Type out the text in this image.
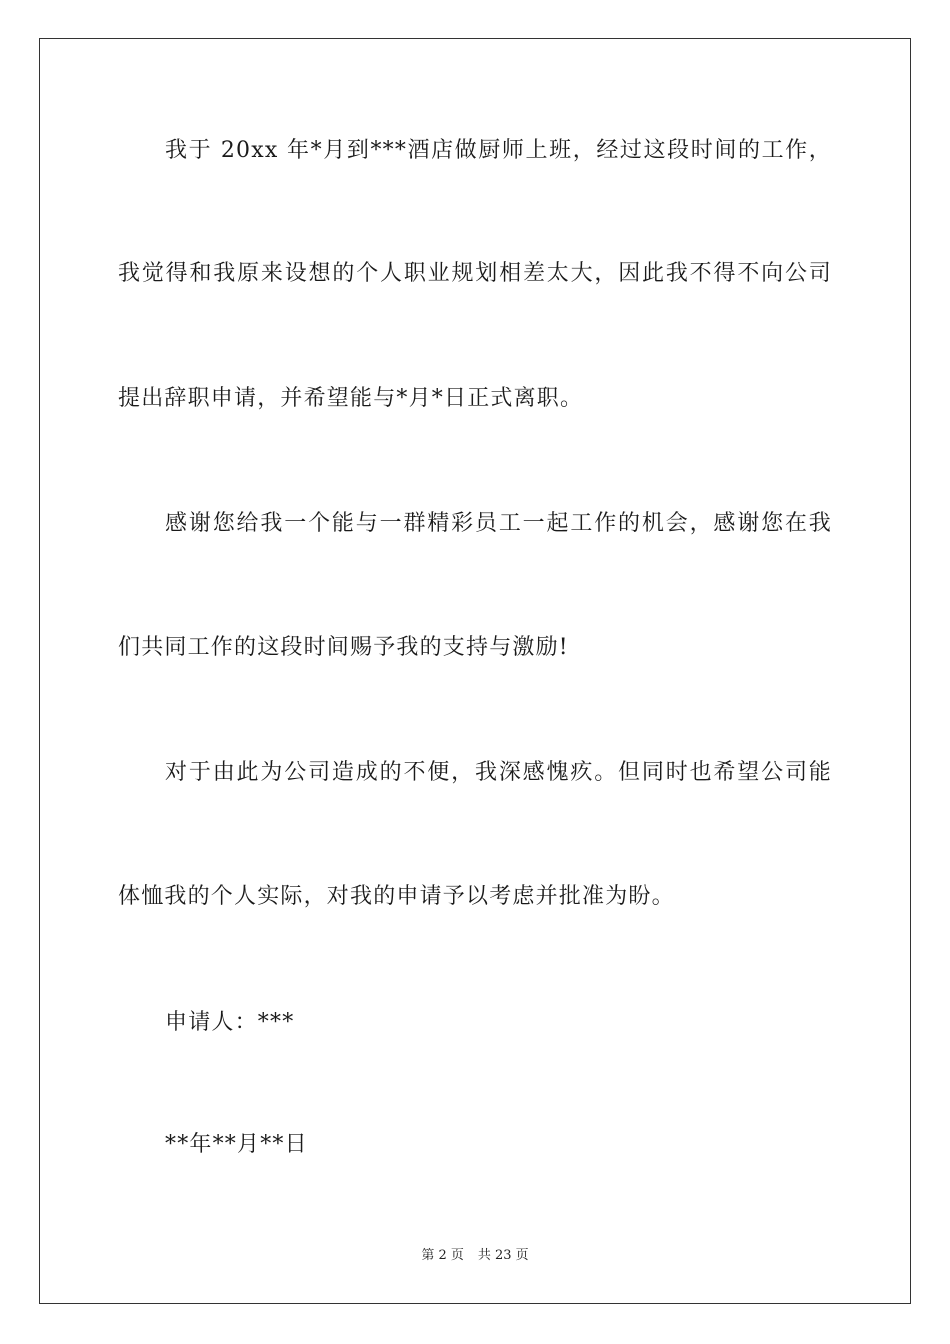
我于 20xx 年*月到***酒店做厨师上班，经过这段时间的工作，
我觉得和我原来设想的个人职业规划相差太大，因此我不得不向公司
提出辞职申请，并希望能与*月*日正式离职。
感谢您给我一个能与一群精彩员工一起工作的机会，感谢您在我
们共同工作的这段时间赐予我的支持与激励!
对于由此为公司造成的不便，我深感愧疚。但同时也希望公司能
体恤我的个人实际，对我的申请予以考虑并批准为盼。
申请人：***
**年**月**日
第 2 页 共 23 页
